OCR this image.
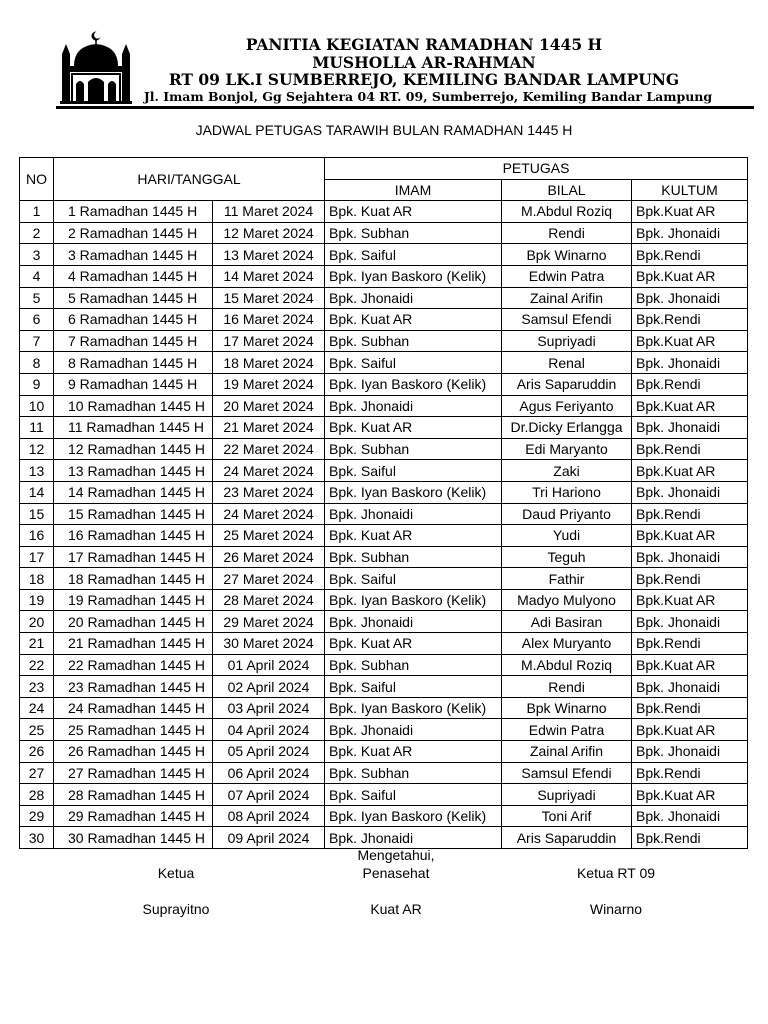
PANITIA KEGIATAN RAMADHAN 1445 H
MUSHOLLA AR-RAHMAN
RT 09 LK.I SUMBERREJO, KEMILING BANDAR LAMPUNG
Jl. Imam Bonjol, Gg Sejahtera 04 RT. 09, Sumberrejo, Kemiling Bandar Lampung
JADWAL PETUGAS TARAWIH BULAN RAMADHAN 1445 H
NO	HARI/TANGGAL		PETUGAS		
			IMAM	BILAL	KULTUM
1	1 Ramadhan 1445 H	11 Maret 2024	Bpk. Kuat AR	M.Abdul Roziq	Bpk.Kuat AR
2	2 Ramadhan 1445 H	12 Maret 2024	Bpk. Subhan	Rendi	Bpk. Jhonaidi
3	3 Ramadhan 1445 H	13 Maret 2024	Bpk. Saiful	Bpk Winarno	Bpk.Rendi
4	4 Ramadhan 1445 H	14 Maret 2024	Bpk. Iyan Baskoro (Kelik)	Edwin Patra	Bpk.Kuat AR
5	5 Ramadhan 1445 H	15 Maret 2024	Bpk. Jhonaidi	Zainal Arifin	Bpk. Jhonaidi
6	6 Ramadhan 1445 H	16 Maret 2024	Bpk. Kuat AR	Samsul Efendi	Bpk.Rendi
7	7 Ramadhan 1445 H	17 Maret 2024	Bpk. Subhan	Supriyadi	Bpk.Kuat AR
8	8 Ramadhan 1445 H	18 Maret 2024	Bpk. Saiful	Renal	Bpk. Jhonaidi
9	9 Ramadhan 1445 H	19 Maret 2024	Bpk. Iyan Baskoro (Kelik)	Aris Saparuddin	Bpk.Rendi
10	10 Ramadhan 1445 H	20 Maret 2024	Bpk. Jhonaidi	Agus Feriyanto	Bpk.Kuat AR
11	11 Ramadhan 1445 H	21 Maret 2024	Bpk. Kuat AR	Dr.Dicky Erlangga	Bpk. Jhonaidi
12	12 Ramadhan 1445 H	22 Maret 2024	Bpk. Subhan	Edi Maryanto	Bpk.Rendi
13	13 Ramadhan 1445 H	24 Maret 2024	Bpk. Saiful	Zaki	Bpk.Kuat AR
14	14 Ramadhan 1445 H	23 Maret 2024	Bpk. Iyan Baskoro (Kelik)	Tri Hariono	Bpk. Jhonaidi
15	15 Ramadhan 1445 H	24 Maret 2024	Bpk. Jhonaidi	Daud Priyanto	Bpk.Rendi
16	16 Ramadhan 1445 H	25 Maret 2024	Bpk. Kuat AR	Yudi	Bpk.Kuat AR
17	17 Ramadhan 1445 H	26 Maret 2024	Bpk. Subhan	Teguh	Bpk. Jhonaidi
18	18 Ramadhan 1445 H	27 Maret 2024	Bpk. Saiful	Fathir	Bpk.Rendi
19	19 Ramadhan 1445 H	28 Maret 2024	Bpk. Iyan Baskoro (Kelik)	Madyo Mulyono	Bpk.Kuat AR
20	20 Ramadhan 1445 H	29 Maret 2024	Bpk. Jhonaidi	Adi Basiran	Bpk. Jhonaidi
21	21 Ramadhan 1445 H	30 Maret 2024	Bpk. Kuat AR	Alex Muryanto	Bpk.Rendi
22	22 Ramadhan 1445 H	01 April 2024	Bpk. Subhan	M.Abdul Roziq	Bpk.Kuat AR
23	23 Ramadhan 1445 H	02 April 2024	Bpk. Saiful	Rendi	Bpk. Jhonaidi
24	24 Ramadhan 1445 H	03 April 2024	Bpk. Iyan Baskoro (Kelik)	Bpk Winarno	Bpk.Rendi
25	25 Ramadhan 1445 H	04 April 2024	Bpk. Jhonaidi	Edwin Patra	Bpk.Kuat AR
26	26 Ramadhan 1445 H	05 April 2024	Bpk. Kuat AR	Zainal Arifin	Bpk. Jhonaidi
27	27 Ramadhan 1445 H	06 April 2024	Bpk. Subhan	Samsul Efendi	Bpk.Rendi
28	28 Ramadhan 1445 H	07 April 2024	Bpk. Saiful	Supriyadi	Bpk.Kuat AR
29	29 Ramadhan 1445 H	08 April 2024	Bpk. Iyan Baskoro (Kelik)	Toni Arif	Bpk. Jhonaidi
30	30 Ramadhan 1445 H	09 April 2024	Bpk. Jhonaidi	Aris Saparuddin	Bpk.Rendi
Mengetahui,
Ketua	Penasehat	Ketua RT 09
Suprayitno	Kuat AR	Winarno
